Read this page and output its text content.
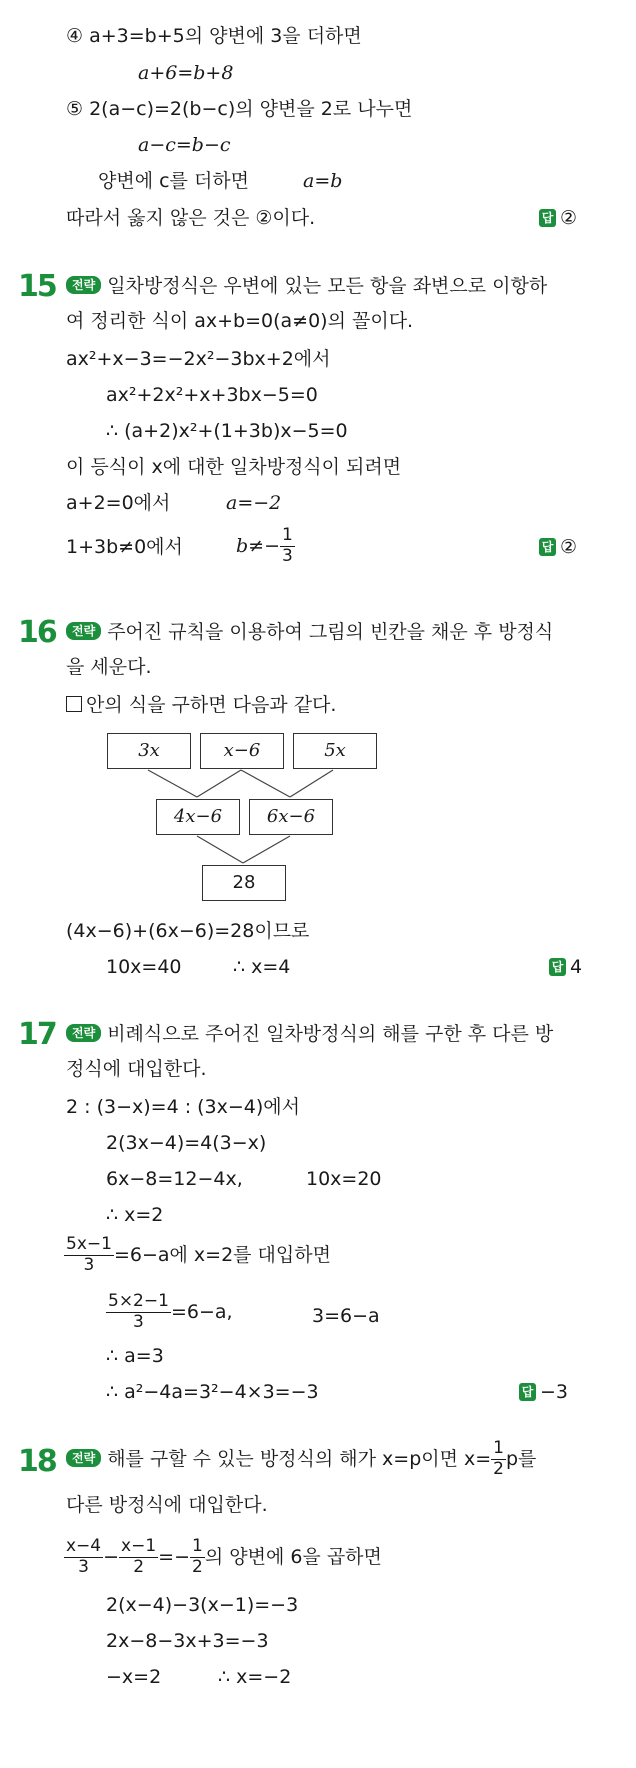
④ a+3=b+5의 양변에 3을 더하면
a+6=b+8
⑤ 2(a−c)=2(b−c)의 양변을 2로 나누면
a−c=b−c
양변에 c를 더하면	a=b
따라서 옳지 않은 것은 ②이다.	답 ②
15	전략 일차방정식은 우변에 있는 모든 항을 좌변으로 이항하
여 정리한 식이 ax+b=0(a≠0)의 꼴이다.
ax²+x−3=−2x²−3bx+2에서
ax²+2x²+x+3bx−5=0
∴ (a+2)x²+(1+3b)x−5=0
이 등식이 x에 대한 일차방정식이 되려면
a+2=0에서	a=−2
1+3b≠0에서	$b\ne- \frac{1}{3}$	답 ②
16	전략 주어진 규칙을 이용하여 그림의 빈칸을 채운 후 방정식
을 세운다.
안의 식을 구하면 다음과 같다.
3x	x−6	5x
4x−6	6x−6
28
(4x−6)+(6x−6)=28이므로
10x=40	∴ x=4	답 4
17	전략 비례식으로 주어진 일차방정식의 해를 구한 후 다른 방
정식에 대입한다.
2 : (3−x)=4 : (3x−4)에서
2(3x−4)=4(3−x)
6x−8=12−4x,	10x=20
∴ x=2
$\frac{5x-1}{3} =6-a$에 x=2를 대입하면
$\frac{5\times 2-1}{3} =6-a$,	3=6−a
∴ a=3
∴ a²−4a=3²−4×3=−3	답 −3
18	전략 해를 구할 수 있는 방정식의 해가 x=p이면 $x= \frac{1}{2}$ p를
다른 방정식에 대입한다.
$\frac{x-4}{3} - \frac{x-1}{2} =- \frac{1}{2}$ 의 양변에 6을 곱하면
2(x−4)−3(x−1)=−3
2x−8−3x+3=−3
−x=2	∴ x=−2
